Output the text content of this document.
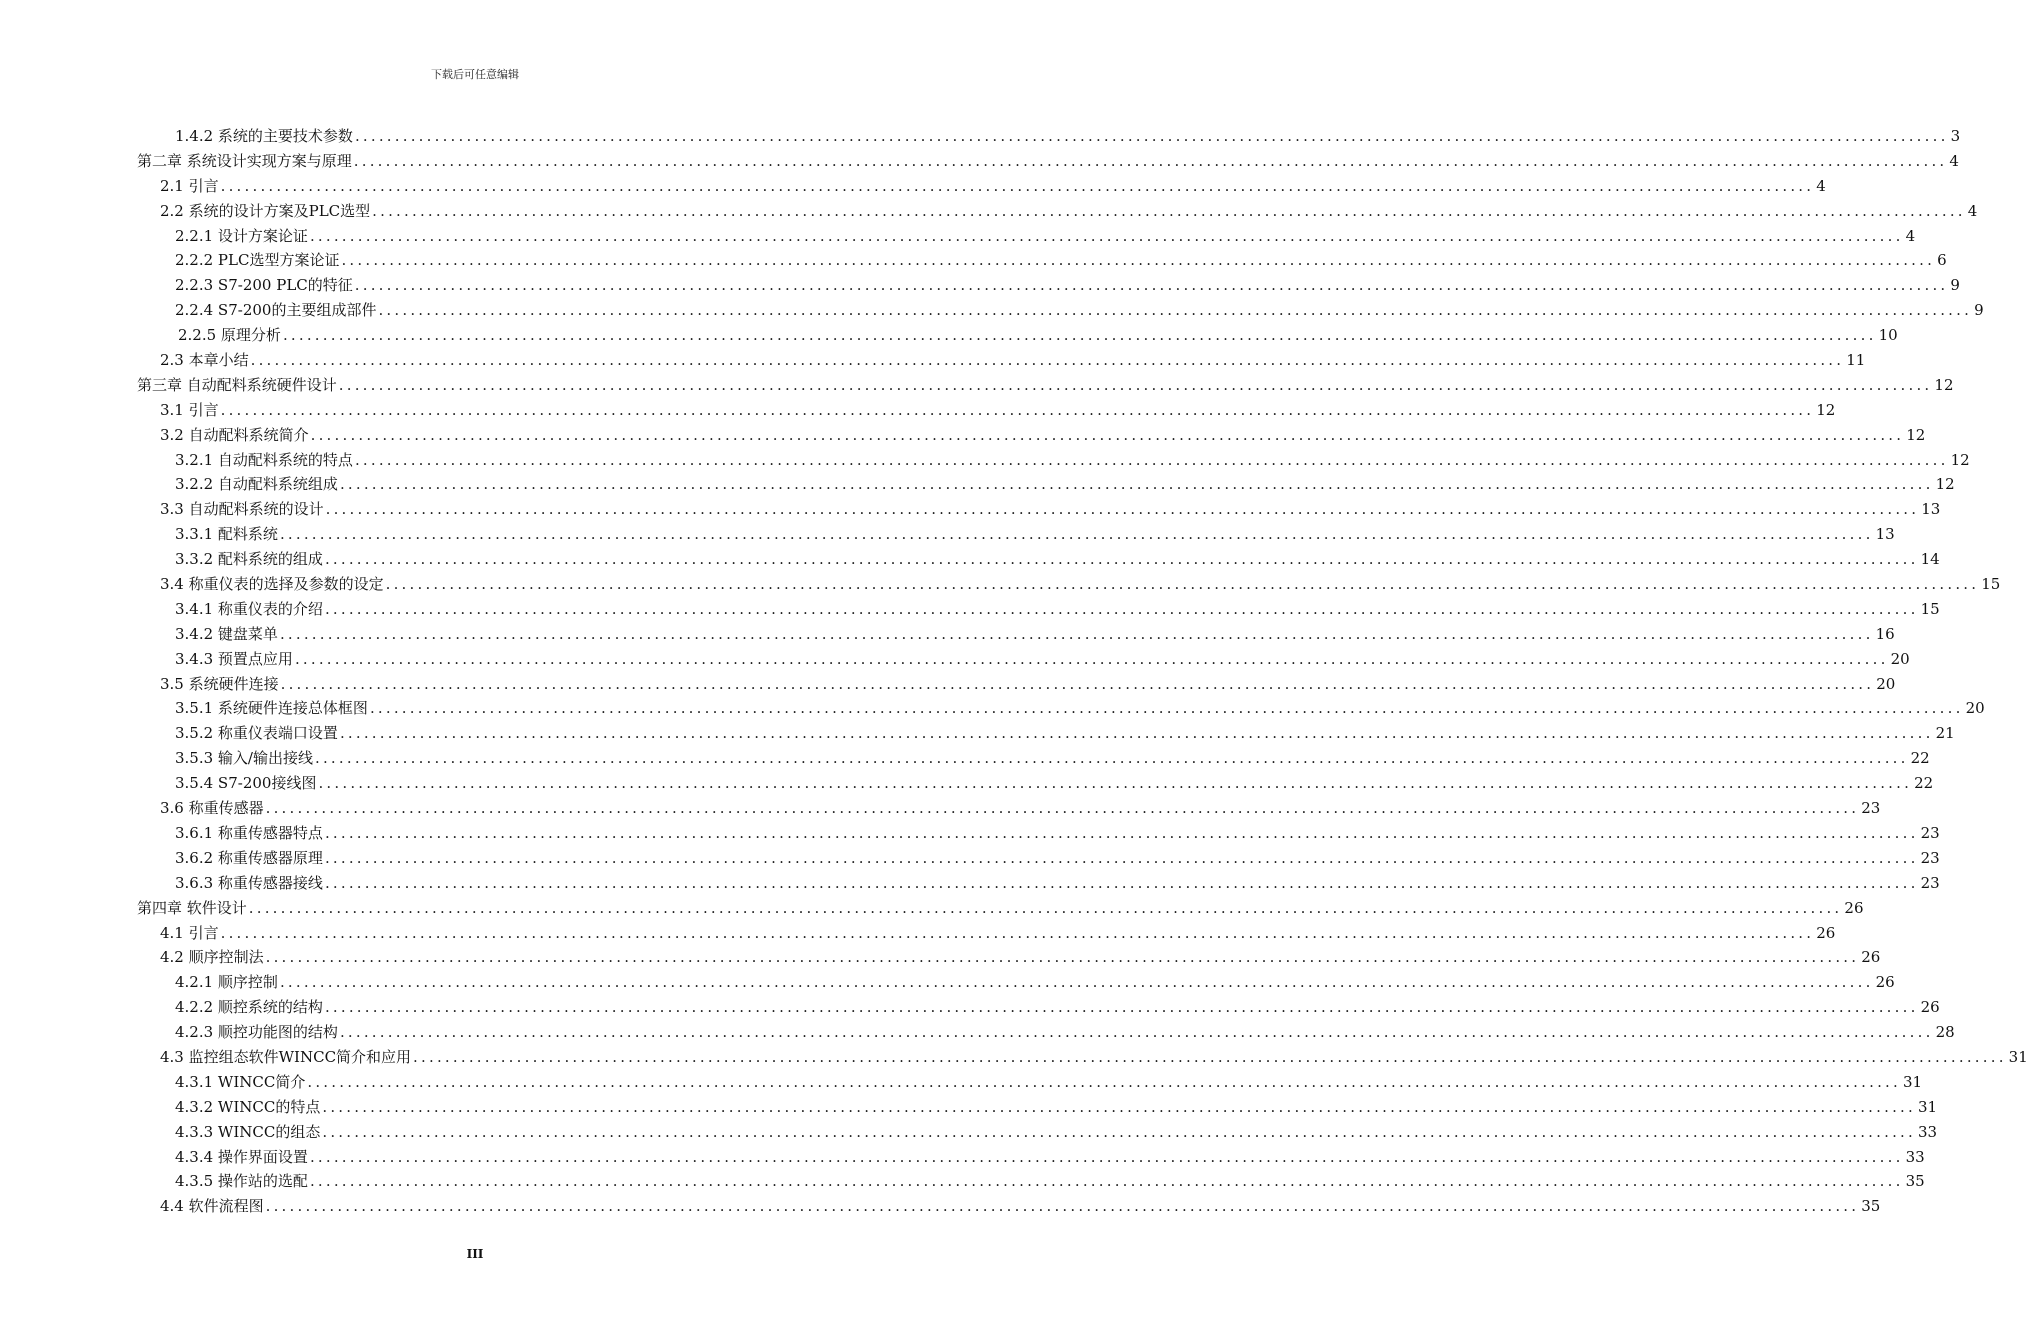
下载后可任意编辑
1.4.2 系统的主要技术参数 ........................................................................................................................................................................................................ 3
第二章 系统设计实现方案与原理 ........................................................................................................................................................................................................ 4
2.1 引言 ........................................................................................................................................................................................................ 4
2.2 系统的设计方案及PLC选型 ........................................................................................................................................................................................................ 4
2.2.1 设计方案论证 ........................................................................................................................................................................................................ 4
2.2.2 PLC选型方案论证 ........................................................................................................................................................................................................ 6
2.2.3 S7-200 PLC的特征 ........................................................................................................................................................................................................ 9
2.2.4 S7-200的主要组成部件 ........................................................................................................................................................................................................ 9
2.2.5 原理分析 ........................................................................................................................................................................................................ 10
2.3 本章小结 ........................................................................................................................................................................................................ 11
第三章 自动配料系统硬件设计 ........................................................................................................................................................................................................ 12
3.1 引言 ........................................................................................................................................................................................................ 12
3.2 自动配料系统简介 ........................................................................................................................................................................................................ 12
3.2.1 自动配料系统的特点 ........................................................................................................................................................................................................ 12
3.2.2 自动配料系统组成 ........................................................................................................................................................................................................ 12
3.3 自动配料系统的设计 ........................................................................................................................................................................................................ 13
3.3.1 配料系统 ........................................................................................................................................................................................................ 13
3.3.2 配料系统的组成 ........................................................................................................................................................................................................ 14
3.4 称重仪表的选择及参数的设定 ........................................................................................................................................................................................................ 15
3.4.1 称重仪表的介绍 ........................................................................................................................................................................................................ 15
3.4.2 键盘菜单 ........................................................................................................................................................................................................ 16
3.4.3 预置点应用 ........................................................................................................................................................................................................ 20
3.5 系统硬件连接 ........................................................................................................................................................................................................ 20
3.5.1 系统硬件连接总体框图 ........................................................................................................................................................................................................ 20
3.5.2 称重仪表端口设置 ........................................................................................................................................................................................................ 21
3.5.3 输入/输出接线 ........................................................................................................................................................................................................ 22
3.5.4 S7-200接线图 ........................................................................................................................................................................................................ 22
3.6 称重传感器 ........................................................................................................................................................................................................ 23
3.6.1 称重传感器特点 ........................................................................................................................................................................................................ 23
3.6.2 称重传感器原理 ........................................................................................................................................................................................................ 23
3.6.3 称重传感器接线 ........................................................................................................................................................................................................ 23
第四章 软件设计 ........................................................................................................................................................................................................ 26
4.1 引言 ........................................................................................................................................................................................................ 26
4.2 顺序控制法 ........................................................................................................................................................................................................ 26
4.2.1 顺序控制 ........................................................................................................................................................................................................ 26
4.2.2 顺控系统的结构 ........................................................................................................................................................................................................ 26
4.2.3 顺控功能图的结构 ........................................................................................................................................................................................................ 28
4.3 监控组态软件WINCC简介和应用 ........................................................................................................................................................................................................ 31
4.3.1 WINCC简介 ........................................................................................................................................................................................................ 31
4.3.2 WINCC的特点 ........................................................................................................................................................................................................ 31
4.3.3 WINCC的组态 ........................................................................................................................................................................................................ 33
4.3.4 操作界面设置 ........................................................................................................................................................................................................ 33
4.3.5 操作站的选配 ........................................................................................................................................................................................................ 35
4.4 软件流程图 ........................................................................................................................................................................................................ 35
III
